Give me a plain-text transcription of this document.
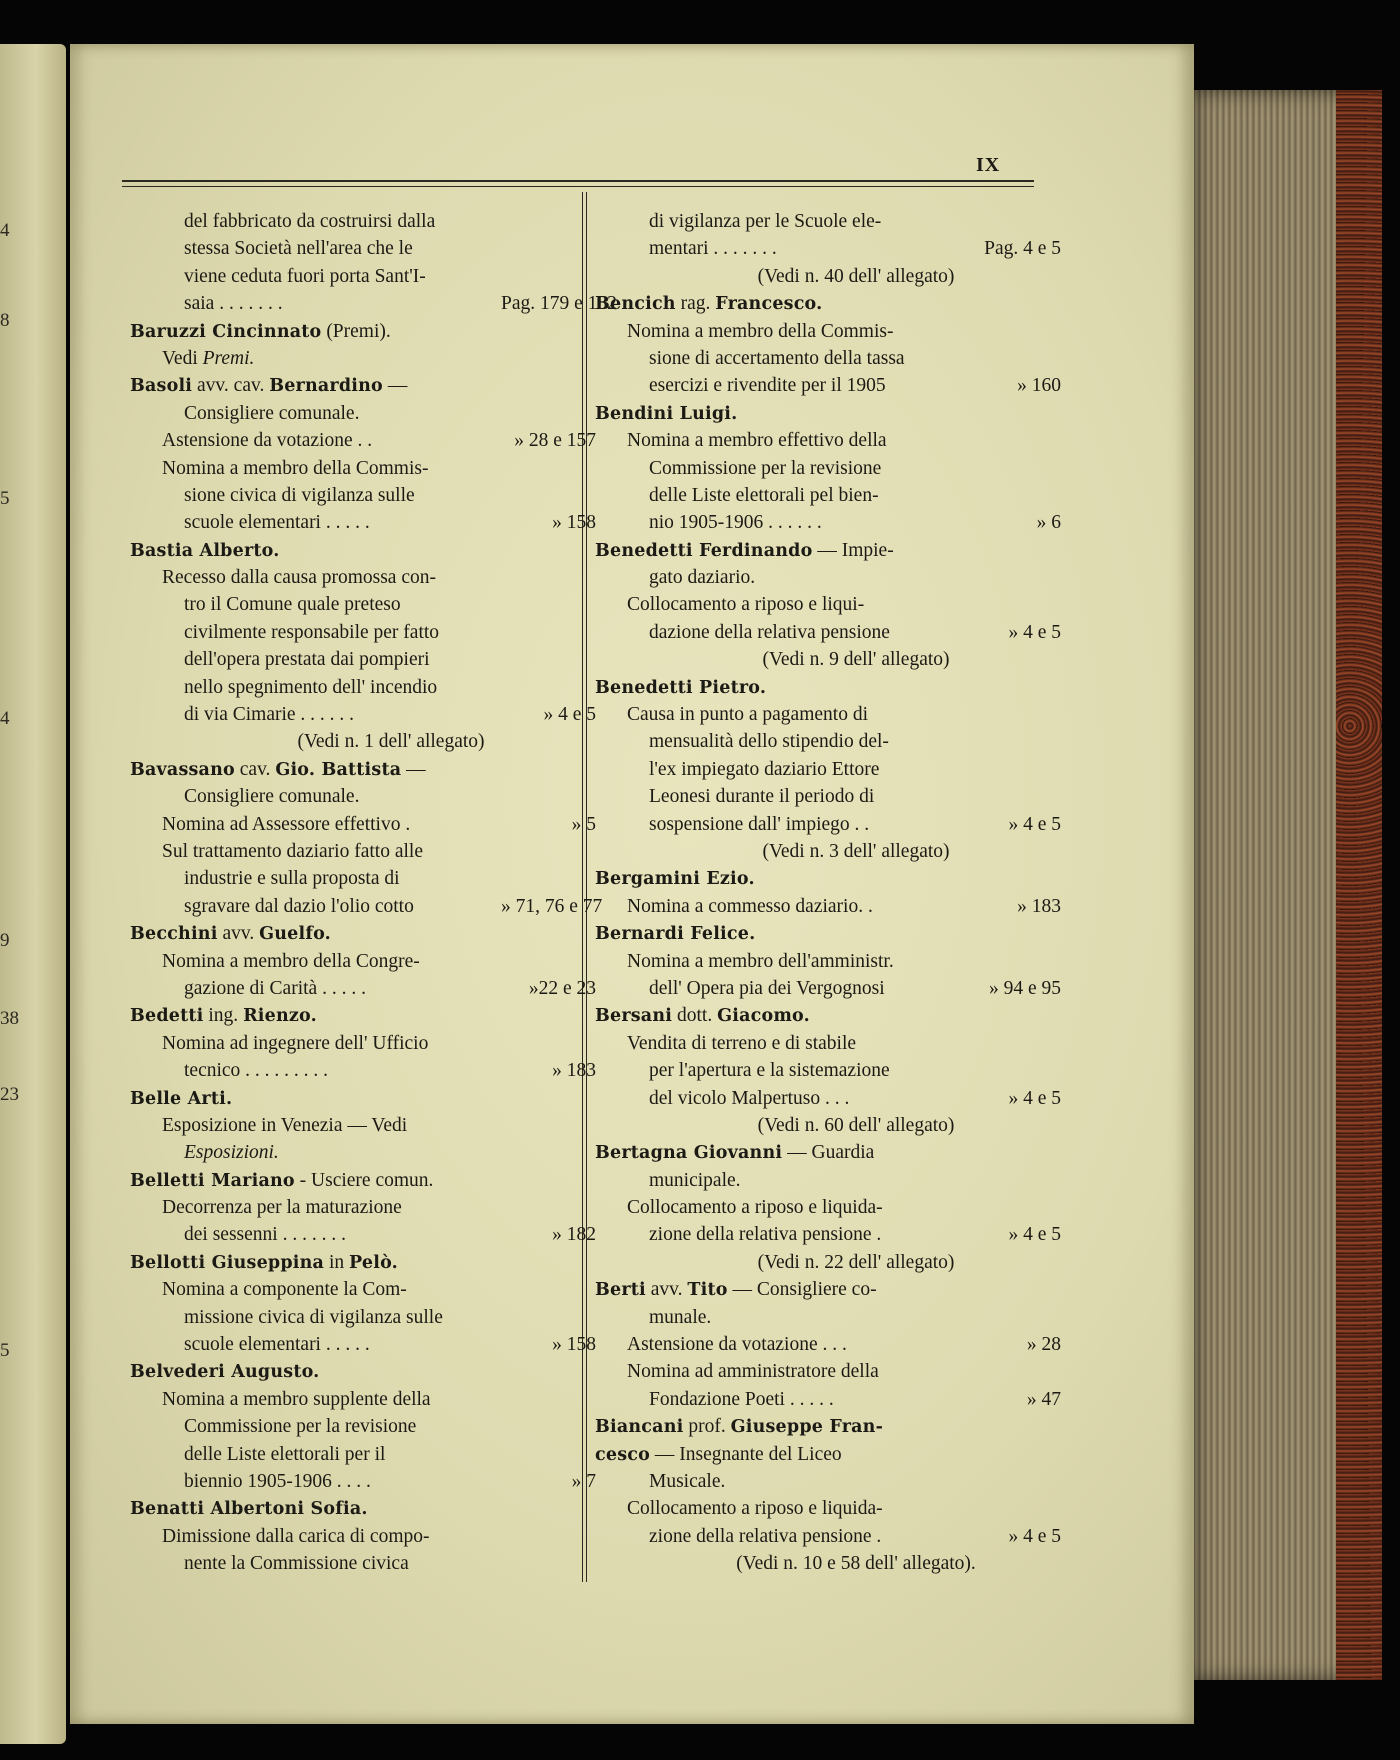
4
8
5
4
9
38
23
5
IX
del fabbricato da costruirsi dalla
stessa Società nell'area che le
viene ceduta fuori porta Sant'I-
saia . . . . . . .	Pag. 179 e 182
Baruzzi Cincinnato (Premi).
Vedi Premi.
Basoli avv. cav. Bernardino —
Consigliere comunale.
Astensione da votazione . .	» 28 e 157
Nomina a membro della Commis-
sione civica di vigilanza sulle
scuole elementari . . . . .	» 158
Bastia Alberto.
Recesso dalla causa promossa con-
tro il Comune quale preteso
civilmente responsabile per fatto
dell'opera prestata dai pompieri
nello spegnimento dell' incendio
di via Cimarie . . . . . .	» 4 e 5
(Vedi n. 1 dell' allegato)
Bavassano cav. Gio. Battista —
Consigliere comunale.
Nomina ad Assessore effettivo .	» 5
Sul trattamento daziario fatto alle
industrie e sulla proposta di
sgravare dal dazio l'olio cotto	» 71, 76 e 77
Becchini avv. Guelfo.
Nomina a membro della Congre-
gazione di Carità . . . . .	»22 e 23
Bedetti ing. Rienzo.
Nomina ad ingegnere dell' Ufficio
tecnico . . . . . . . . .	» 183
Belle Arti.
Esposizione in Venezia — Vedi
Esposizioni.
Belletti Mariano - Usciere comun.
Decorrenza per la maturazione
dei sessenni . . . . . . .	» 182
Bellotti Giuseppina in Pelò.
Nomina a componente la Com-
missione civica di vigilanza sulle
scuole elementari . . . . .	» 158
Belvederi Augusto.
Nomina a membro supplente della
Commissione per la revisione
delle Liste elettorali per il
biennio 1905-1906 . . . .	» 7
Benatti Albertoni Sofia.
Dimissione dalla carica di compo-
nente la Commissione civica
di vigilanza per le Scuole ele-
mentari . . . . . . .	Pag. 4 e 5
(Vedi n. 40 dell' allegato)
Bencich rag. Francesco.
Nomina a membro della Commis-
sione di accertamento della tassa
esercizi e rivendite per il 1905	» 160
Bendini Luigi.
Nomina a membro effettivo della
Commissione per la revisione
delle Liste elettorali pel bien-
nio 1905-1906 . . . . . .	» 6
Benedetti Ferdinando — Impie-
gato daziario.
Collocamento a riposo e liqui-
dazione della relativa pensione	» 4 e 5
(Vedi n. 9 dell' allegato)
Benedetti Pietro.
Causa in punto a pagamento di
mensualità dello stipendio del-
l'ex impiegato daziario Ettore
Leonesi durante il periodo di
sospensione dall' impiego . .	» 4 e 5
(Vedi n. 3 dell' allegato)
Bergamini Ezio.
Nomina a commesso daziario. .	» 183
Bernardi Felice.
Nomina a membro dell'amministr.
dell' Opera pia dei Vergognosi	» 94 e 95
Bersani dott. Giacomo.
Vendita di terreno e di stabile
per l'apertura e la sistemazione
del vicolo Malpertuso . . .	» 4 e 5
(Vedi n. 60 dell' allegato)
Bertagna Giovanni — Guardia
municipale.
Collocamento a riposo e liquida-
zione della relativa pensione .	» 4 e 5
(Vedi n. 22 dell' allegato)
Berti avv. Tito — Consigliere co-
munale.
Astensione da votazione . . .	» 28
Nomina ad amministratore della
Fondazione Poeti . . . . .	» 47
Biancani prof. Giuseppe Fran-
cesco — Insegnante del Liceo
Musicale.
Collocamento a riposo e liquida-
zione della relativa pensione .	» 4 e 5
(Vedi n. 10 e 58 dell' allegato).
